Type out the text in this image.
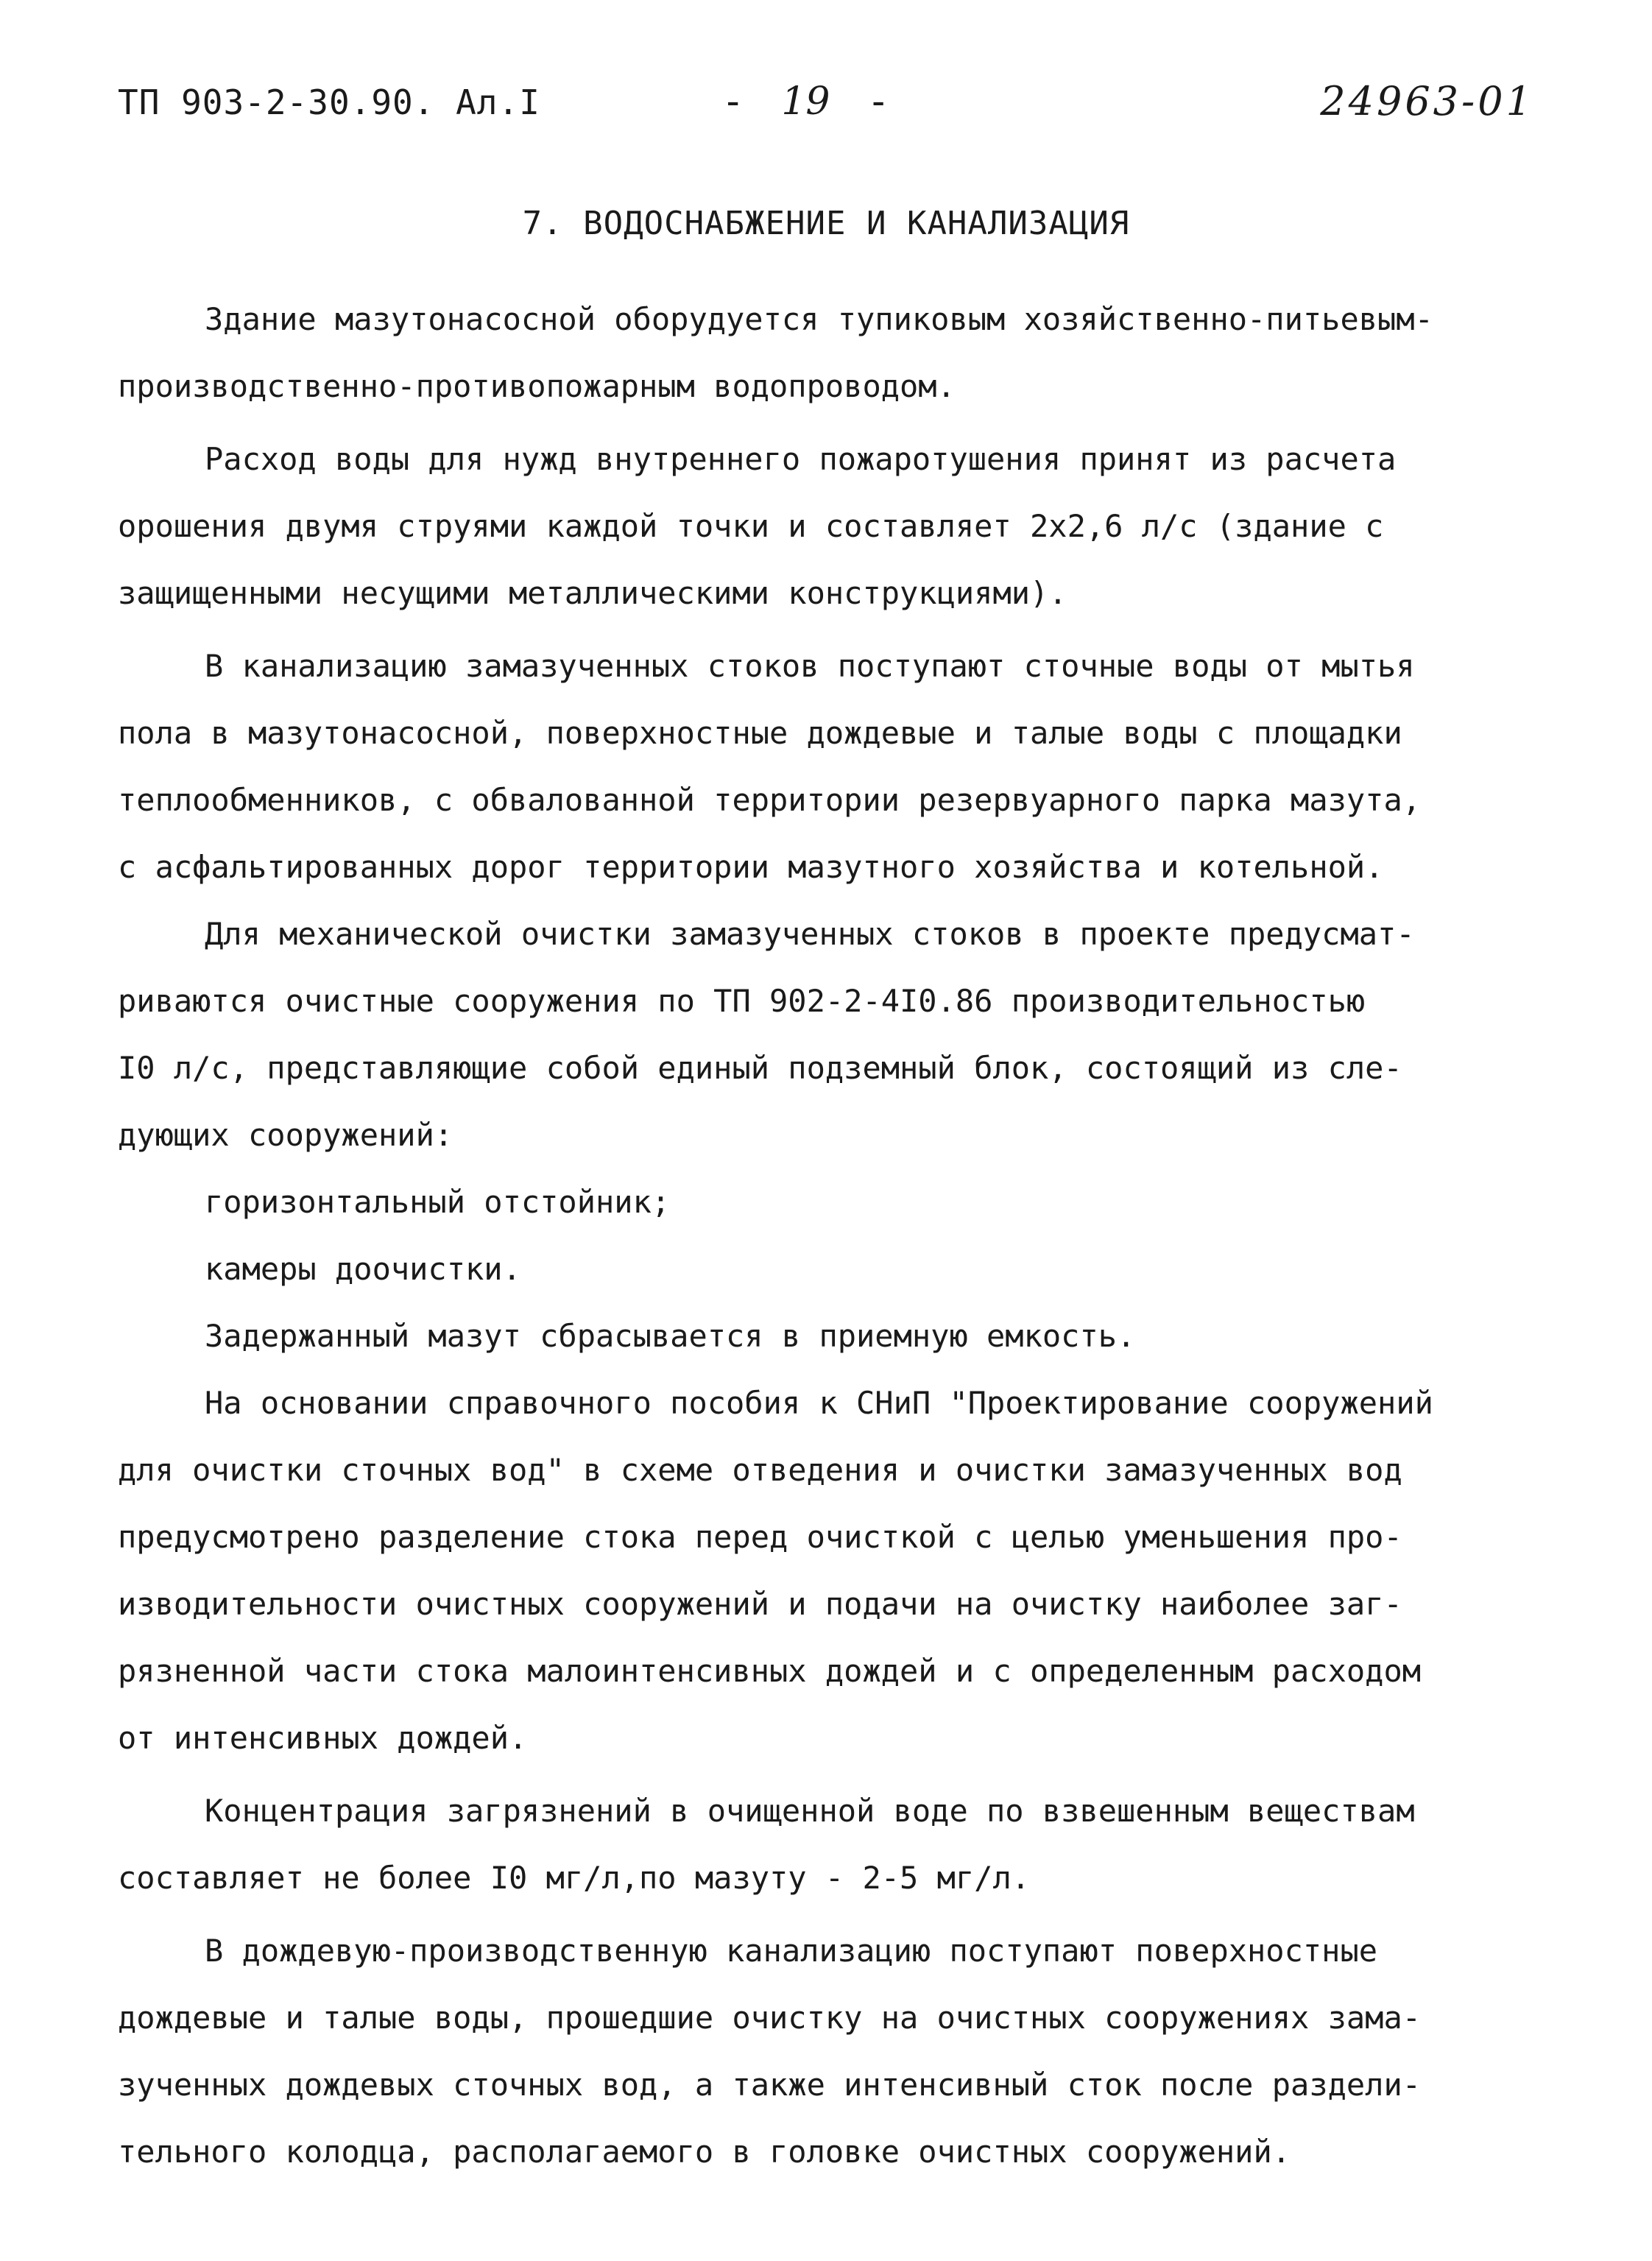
ТП 903-2-30.90. Ал.I	- 19 -	24963-01
7. ВОДОСНАБЖЕНИЕ И КАНАЛИЗАЦИЯ
Здание мазутонасосной оборудуется тупиковым хозяйственно-питьевым-
производственно-противопожарным водопроводом.
Расход воды для нужд внутреннего пожаротушения принят из расчета
орошения двумя струями каждой точки и составляет 2х2,6 л/с (здание с
защищенными несущими металлическими конструкциями).
В канализацию замазученных стоков поступают сточные воды от мытья
пола в мазутонасосной, поверхностные дождевые и талые воды с площадки
теплообменников, с обвалованной территории резервуарного парка мазута,
с асфальтированных дорог территории мазутного хозяйства и котельной.
Для механической очистки замазученных стоков в проекте предусмат-
риваются очистные сооружения по ТП 902-2-4I0.86 производительностью
I0 л/с, представляющие собой единый подземный блок, состоящий из сле-
дующих сооружений:
горизонтальный отстойник;
камеры доочистки.
Задержанный мазут сбрасывается в приемную емкость.
На основании справочного пособия к СНиП "Проектирование сооружений
для очистки сточных вод" в схеме отведения и очистки замазученных вод
предусмотрено разделение стока перед очисткой с целью уменьшения про-
изводительности очистных сооружений и подачи на очистку наиболее заг-
рязненной части стока малоинтенсивных дождей и с определенным расходом
от интенсивных дождей.
Концентрация загрязнений в очищенной воде по взвешенным веществам
составляет не более I0 мг/л,по мазуту - 2-5 мг/л.
В дождевую-производственную канализацию поступают поверхностные
дождевые и талые воды, прошедшие очистку на очистных сооружениях зама-
зученных дождевых сточных вод, а также интенсивный сток после раздели-
тельного колодца, располагаемого в головке очистных сооружений.
